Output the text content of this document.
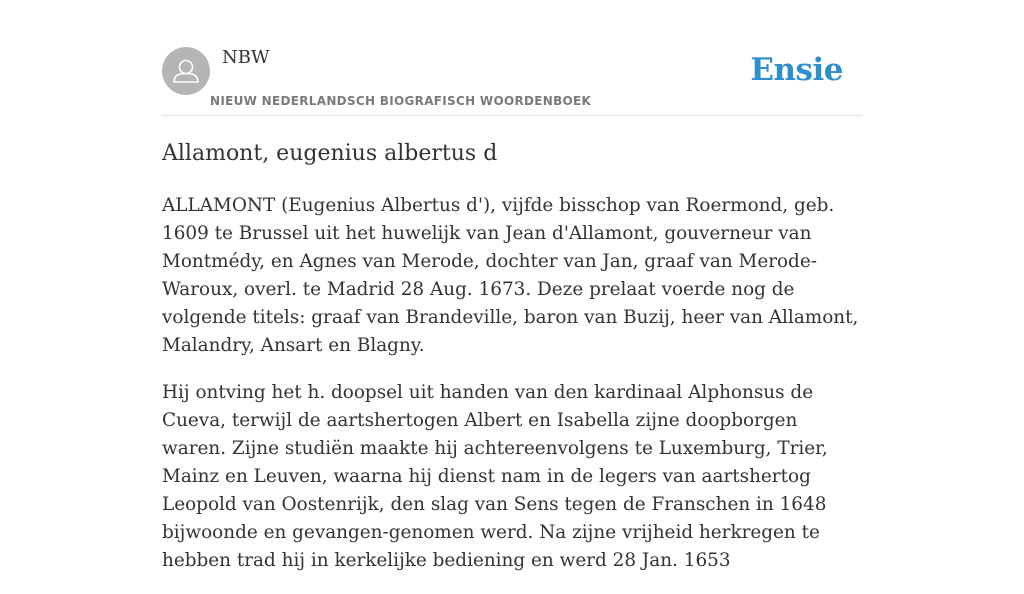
NBW
NIEUW NEDERLANDSCH BIOGRAFISCH WOORDENBOEK
Ensie
Allamont, eugenius albertus d

ALLAMONT (Eugenius Albertus d'), vijfde bisschop van Roermond, geb. 1609 te Brussel uit het huwelijk van Jean d'Allamont, gouverneur van Montmédy, en Agnes van Merode, dochter van Jan, graaf van Merode-Waroux, overl. te Madrid 28 Aug. 1673. Deze prelaat voerde nog de volgende titels: graaf van Brandeville, baron van Buzij, heer van Allamont, Malandry, Ansart en Blagny.

Hij ontving het h. doopsel uit handen van den kardinaal Alphonsus de Cueva, terwijl de aartshertogen Albert en Isabella zijne doopborgen waren. Zijne studiën maakte hij achtereenvolgens te Luxemburg, Trier, Mainz en Leuven, waarna hij dienst nam in de legers van aartshertog Leopold van Oostenrijk, den slag van Sens tegen de Franschen in 1648 bijwoonde en gevangen-genomen werd. Na zijne vrijheid herkregen te hebben trad hij in kerkelijke bediening en werd 28 Jan. 1653
